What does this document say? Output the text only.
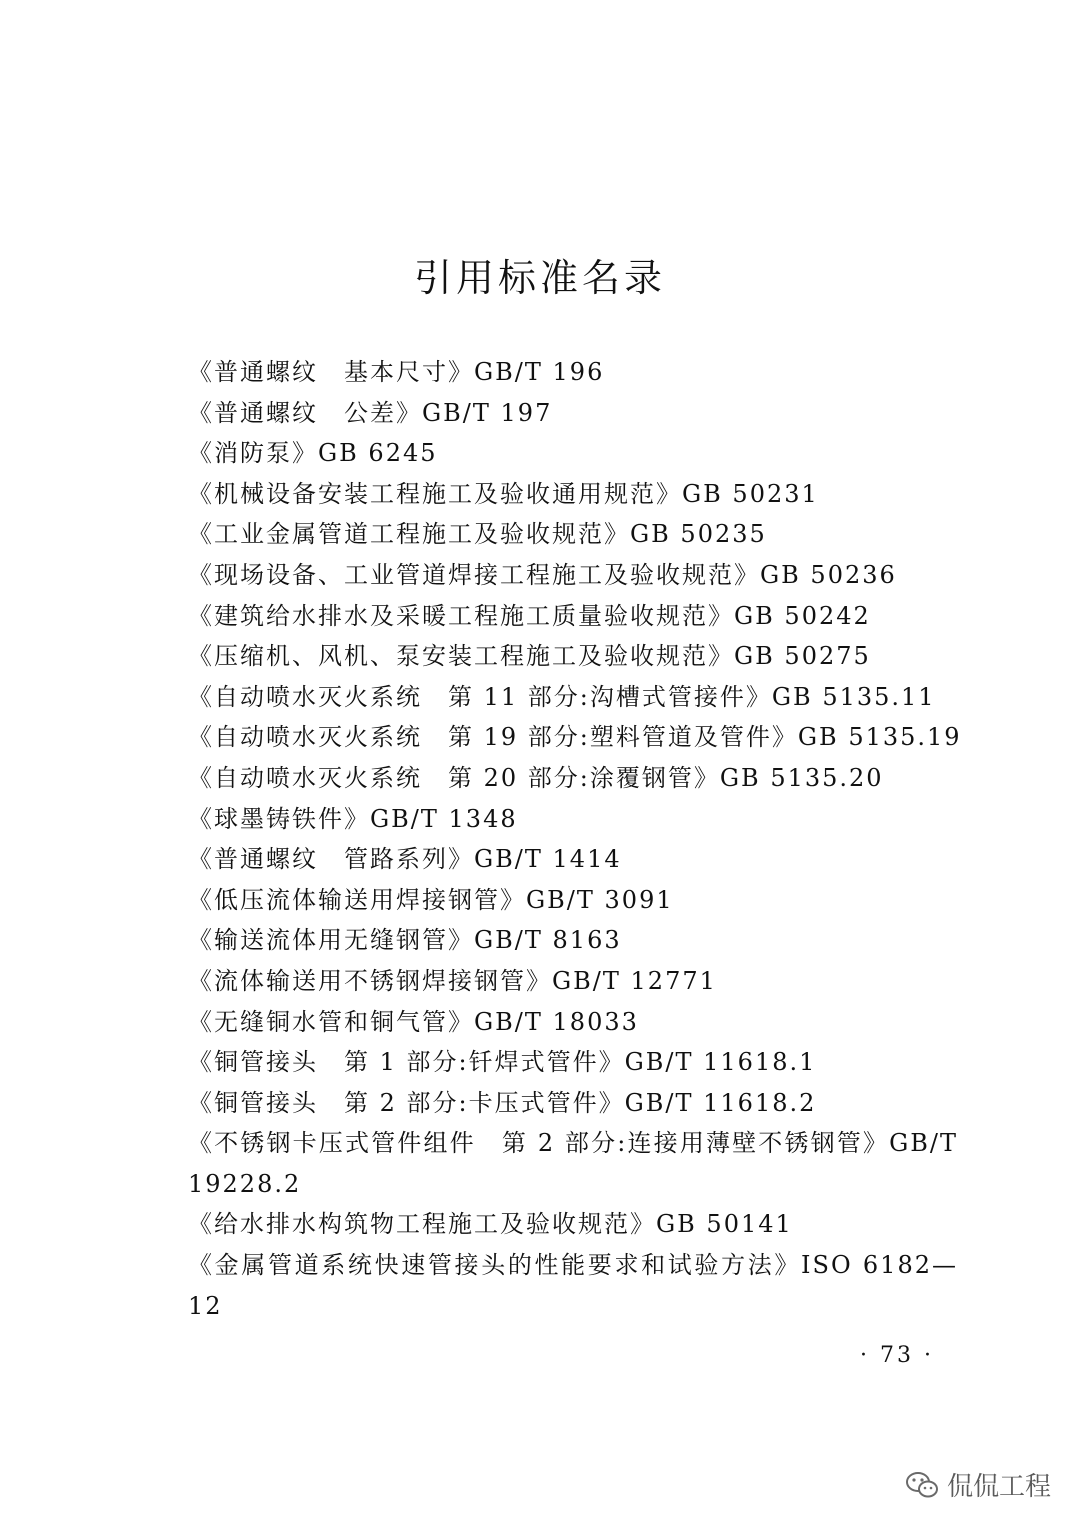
引用标准名录
《普通螺纹　基本尺寸》GB/T 196
《普通螺纹　公差》GB/T 197
《消防泵》GB 6245
《机械设备安装工程施工及验收通用规范》GB 50231
《工业金属管道工程施工及验收规范》GB 50235
《现场设备、工业管道焊接工程施工及验收规范》GB 50236
《建筑给水排水及采暖工程施工质量验收规范》GB 50242
《压缩机、风机、泵安装工程施工及验收规范》GB 50275
《自动喷水灭火系统　第 11 部分:沟槽式管接件》GB 5135.11
《自动喷水灭火系统　第 19 部分:塑料管道及管件》GB 5135.19
《自动喷水灭火系统　第 20 部分:涂覆钢管》GB 5135.20
《球墨铸铁件》GB/T 1348
《普通螺纹　管路系列》GB/T 1414
《低压流体输送用焊接钢管》GB/T 3091
《输送流体用无缝钢管》GB/T 8163
《流体输送用不锈钢焊接钢管》GB/T 12771
《无缝铜水管和铜气管》GB/T 18033
《铜管接头　第 1 部分:钎焊式管件》GB/T 11618.1
《铜管接头　第 2 部分:卡压式管件》GB/T 11618.2
《不锈钢卡压式管件组件　第 2 部分:连接用薄壁不锈钢管》GB/T 19228.2
《给水排水构筑物工程施工及验收规范》GB 50141
《金属管道系统快速管接头的性能要求和试验方法》ISO 6182—12
· 73 ·
侃侃工程
